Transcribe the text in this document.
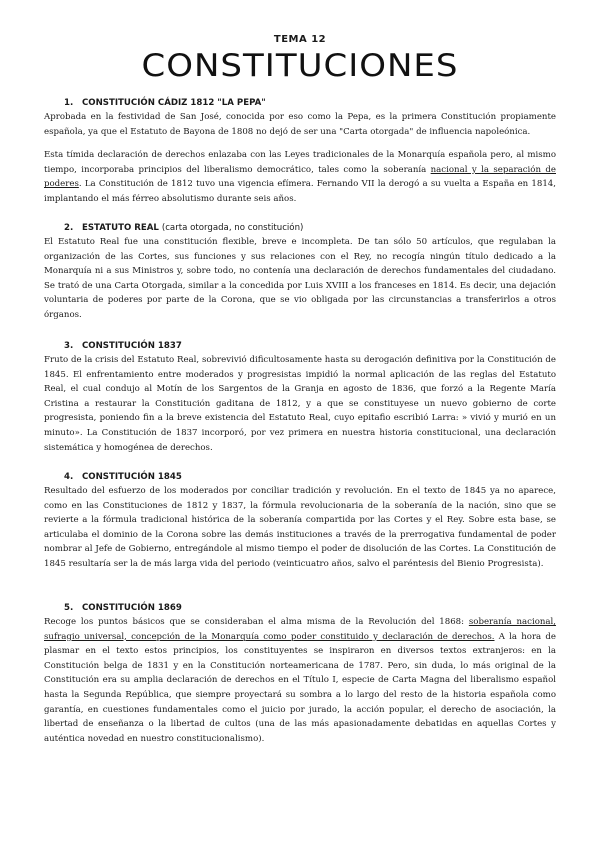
TEMA 12
CONSTITUCIONES
1. CONSTITUCIÓN CÁDIZ 1812 "LA PEPA"

Aprobada en la festividad de San José, conocida por eso como la Pepa, es la primera Constitución propiamente española, ya que el Estatuto de Bayona de 1808 no dejó de ser una "Carta otorgada" de influencia napoleónica.

Esta tímida declaración de derechos enlazaba con las Leyes tradicionales de la Monarquía española pero, al mismo tiempo, incorporaba principios del liberalismo democrático, tales como la soberanía nacional y la separación de poderes. La Constitución de 1812 tuvo una vigencia efímera. Fernando VII la derogó a su vuelta a España en 1814, implantando el más férreo absolutismo durante seis años.

2. ESTATUTO REAL (carta otorgada, no constitución)

El Estatuto Real fue una constitución flexible, breve e incompleta. De tan sólo 50 artículos, que regulaban la organización de las Cortes, sus funciones y sus relaciones con el Rey, no recogía ningún título dedicado a la Monarquía ni a sus Ministros y, sobre todo, no contenía una declaración de derechos fundamentales del ciudadano. Se trató de una Carta Otorgada, similar a la concedida por Luis XVIII a los franceses en 1814. Es decir, una dejación voluntaria de poderes por parte de la Corona, que se vio obligada por las circunstancias a transferirlos a otros órganos.

3. CONSTITUCIÓN 1837

Fruto de la crisis del Estatuto Real, sobrevivió dificultosamente hasta su derogación definitiva por la Constitución de 1845. El enfrentamiento entre moderados y progresistas impidió la normal aplicación de las reglas del Estatuto Real, el cual condujo al Motín de los Sargentos de la Granja en agosto de 1836, que forzó a la Regente María Cristina a restaurar la Constitución gaditana de 1812, y a que se constituyese un nuevo gobierno de corte progresista, poniendo fin a la breve existencia del Estatuto Real, cuyo epitafio escribió Larra: » vivió y murió en un minuto». La Constitución de 1837 incorporó, por vez primera en nuestra historia constitucional, una declaración sistemática y homogénea de derechos.

4. CONSTITUCIÓN 1845

Resultado del esfuerzo de los moderados por conciliar tradición y revolución. En el texto de 1845 ya no aparece, como en las Constituciones de 1812 y 1837, la fórmula revolucionaria de la soberanía de la nación, sino que se revierte a la fórmula tradicional histórica de la soberanía compartida por las Cortes y el Rey. Sobre esta base, se articulaba el dominio de la Corona sobre las demás instituciones a través de la prerrogativa fundamental de poder nombrar al Jefe de Gobierno, entregándole al mismo tiempo el poder de disolución de las Cortes. La Constitución de 1845 resultaría ser la de más larga vida del periodo (veinticuatro años, salvo el paréntesis del Bienio Progresista).

5. CONSTITUCIÓN 1869

Recoge los puntos básicos que se consideraban el alma misma de la Revolución del 1868: soberanía nacional, sufragio universal, concepción de la Monarquía como poder constituido y declaración de derechos. A la hora de plasmar en el texto estos principios, los constituyentes se inspiraron en diversos textos extranjeros: en la Constitución belga de 1831 y en la Constitución norteamericana de 1787. Pero, sin duda, lo más original de la Constitución era su amplia declaración de derechos en el Título I, especie de Carta Magna del liberalismo español hasta la Segunda República, que siempre proyectará su sombra a lo largo del resto de la historia española como garantía, en cuestiones fundamentales como el juicio por jurado, la acción popular, el derecho de asociación, la libertad de enseñanza o la libertad de cultos (una de las más apasionadamente debatidas en aquellas Cortes y auténtica novedad en nuestro constitucionalismo).
